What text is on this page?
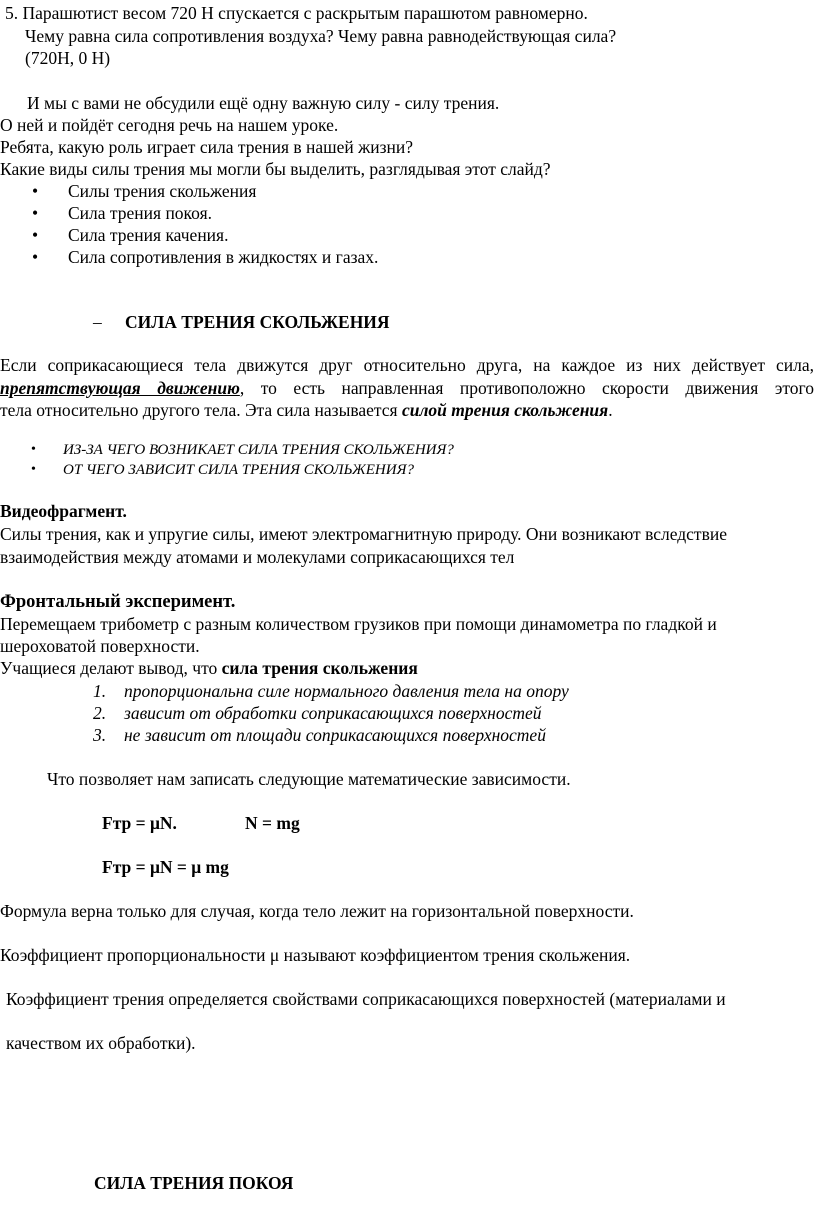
5. Парашютист весом 720 Н спускается с раскрытым парашютом равномерно.
Чему равна сила сопротивления воздуха? Чему равна равнодействующая сила?
(720Н, 0 Н)
И мы с вами не обсудили ещё одну важную силу - силу трения.
О ней и пойдёт сегодня речь на нашем уроке.
Ребята, какую роль играет сила трения в нашей жизни?
Какие виды силы трения мы могли бы выделить, разглядывая этот слайд?
• Силы трения скольжения
• Сила трения покоя.
• Сила трения качения.
• Сила сопротивления в жидкостях и газах.
– СИЛА ТРЕНИЯ СКОЛЬЖЕНИЯ
Если соприкасающиеся тела движутся друг относительно друга, на каждое из них действует сила,
препятствующая движению, то есть направленная противоположно скорости движения этого
тела относительно другого тела. Эта сила называется силой трения скольжения.
• ИЗ-ЗА ЧЕГО ВОЗНИКАЕТ СИЛА ТРЕНИЯ СКОЛЬЖЕНИЯ?
• ОТ ЧЕГО ЗАВИСИТ СИЛА ТРЕНИЯ СКОЛЬЖЕНИЯ?
Видеофрагмент.
Силы трения, как и упругие силы, имеют электромагнитную природу. Они возникают вследствие
взаимодействия между атомами и молекулами соприкасающихся тел
Фронтальный эксперимент.
Перемещаем трибометр с разным количеством грузиков при помощи динамометра по гладкой и
шероховатой поверхности.
Учащиеся делают вывод, что сила трения скольжения
1. пропорциональна силе нормального давления тела на опору
2. зависит от обработки соприкасающихся поверхностей
3. не зависит от площади соприкасающихся поверхностей
Что позволяет нам записать следующие математические зависимости.
Fтр = μN.	N = mg
Fтр = μN = μ mg
Формула верна только для случая, когда тело лежит на горизонтальной поверхности.
Коэффициент пропорциональности μ называют коэффициентом трения скольжения.
Коэффициент трения определяется свойствами соприкасающихся поверхностей (материалами и
качеством их обработки).
СИЛА ТРЕНИЯ ПОКОЯ
